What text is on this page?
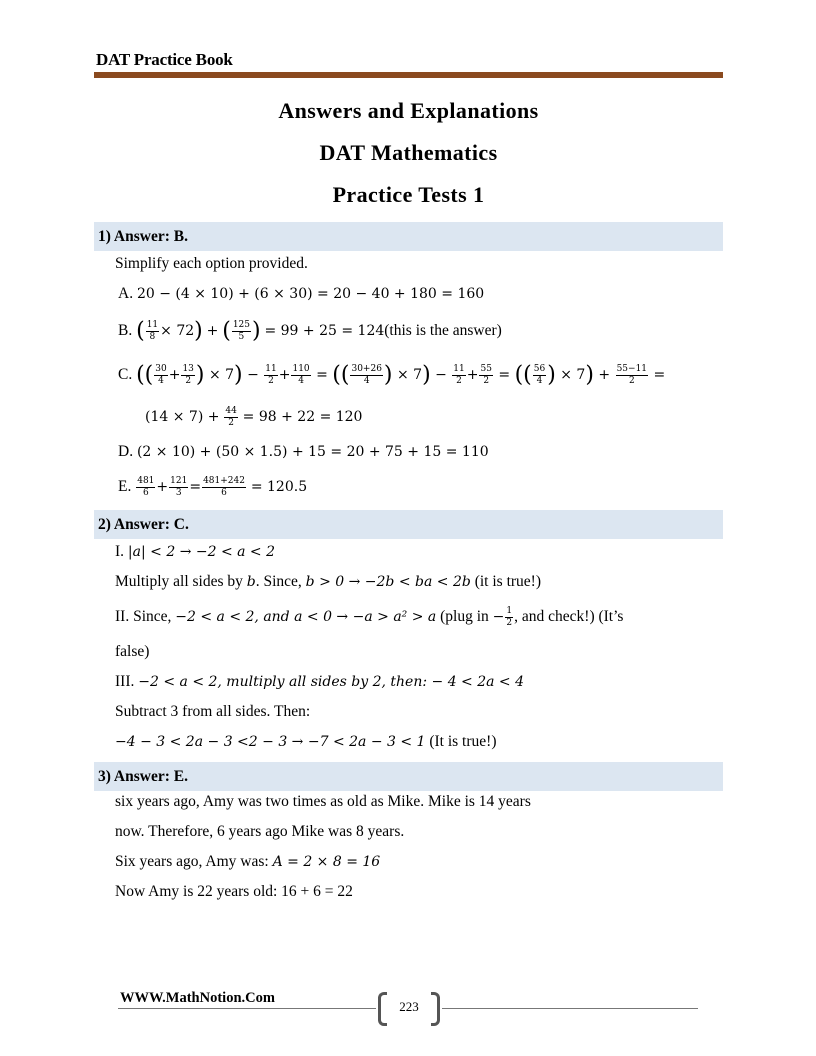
DAT Practice Book
Answers and Explanations
DAT Mathematics
Practice Tests 1
1) Answer: B.
Simplify each option provided.
A. 20 − (4 × 10) + (6 × 30) = 20 − 40 + 180 = 160
B. ( $\frac{11}{8} \times 72$) + ( $\frac{125}{5}$ ) = 99 + 25 = 124(this is the answer)
C. (( $\frac{30}{4} + \frac{13}{2}$ ) × $7) - \frac{11}{2} + \frac{110}{4}$ = (( $\frac{30+26}{4}$ ) × $7) - \frac{11}{2} + \frac{55}{2}$ = (( $\frac{56}{4}$ ) × $7) + \frac{55-11}{2}$ =
$(14 \times 7) + \frac{44}{2} = 98 + 22 = 120$
D. (2 × 10) + (50 × 1.5) + 15 = 20 + 75 + 15 = 110
E. $\frac{481}{6} + \frac{121}{3} = \frac{481+242}{6} = 120.5$
2) Answer: C.
I. |a| < 2 → −2 < a < 2
Multiply all sides by b. Since, b > 0 → −2b < ba < 2b (it is true!)
II. Since, −2 < a < 2, and a < 0 → −a > a² > a (plug in − $\frac{1}{2}$ , and check!) (It’s
false)
III. −2 < a < 2, multiply all sides by 2, then: − 4 < 2a < 4
Subtract 3 from all sides. Then:
−4 − 3 < 2a − 3 <2 − 3 → −7 < 2a − 3 < 1 (It is true!)
3) Answer: E.
six years ago, Amy was two times as old as Mike. Mike is 14 years
now. Therefore, 6 years ago Mike was 8 years.
Six years ago, Amy was: A = 2 × 8 = 16
Now Amy is 22 years old: 16 + 6 = 22
WWW.MathNotion.Com
223
